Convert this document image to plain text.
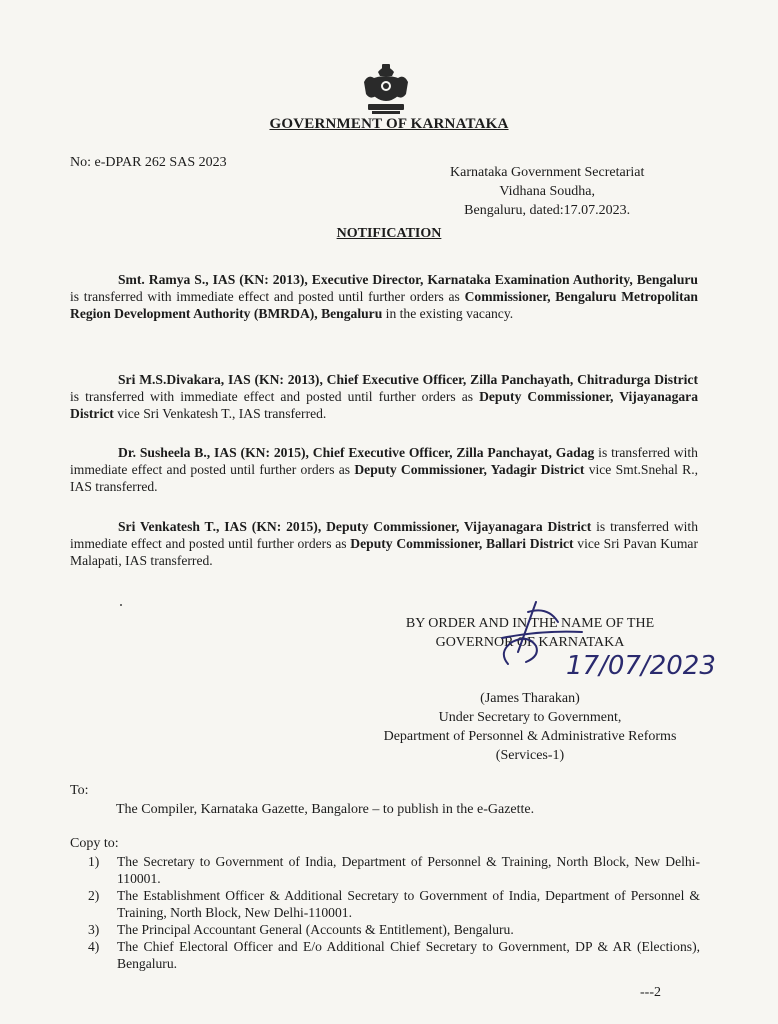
GOVERNMENT OF KARNATAKA
No: e-DPAR 262 SAS 2023
Karnataka Government Secretariat
Vidhana Soudha,
Bengaluru, dated:17.07.2023.
NOTIFICATION
Smt. Ramya S., IAS (KN: 2013), Executive Director, Karnataka Examination Authority, Bengaluru is transferred with immediate effect and posted until further orders as Commissioner, Bengaluru Metropolitan Region Development Authority (BMRDA), Bengaluru in the existing vacancy.
Sri M.S.Divakara, IAS (KN: 2013), Chief Executive Officer, Zilla Panchayath, Chitradurga District is transferred with immediate effect and posted until further orders as Deputy Commissioner, Vijayanagara District vice Sri Venkatesh T., IAS transferred.
Dr. Susheela B., IAS (KN: 2015), Chief Executive Officer, Zilla Panchayat, Gadag is transferred with immediate effect and posted until further orders as Deputy Commissioner, Yadagir District vice Smt.Snehal R., IAS transferred.
Sri Venkatesh T., IAS (KN: 2015), Deputy Commissioner, Vijayanagara District is transferred with immediate effect and posted until further orders as Deputy Commissioner, Ballari District vice Sri Pavan Kumar Malapati, IAS transferred.
BY ORDER AND IN THE NAME OF THE
GOVERNOR OF KARNATAKA
17/07/2023
(James Tharakan)
Under Secretary to Government,
Department of Personnel & Administrative Reforms
(Services-1)
To:
The Compiler, Karnataka Gazette, Bangalore – to publish in the e-Gazette.
Copy to:
1) The Secretary to Government of India, Department of Personnel & Training, North Block, New Delhi-110001.
2) The Establishment Officer & Additional Secretary to Government of India, Department of Personnel & Training, North Block, New Delhi-110001.
3) The Principal Accountant General (Accounts & Entitlement), Bengaluru.
4) The Chief Electoral Officer and E/o Additional Chief Secretary to Government, DP & AR (Elections), Bengaluru.
---2
